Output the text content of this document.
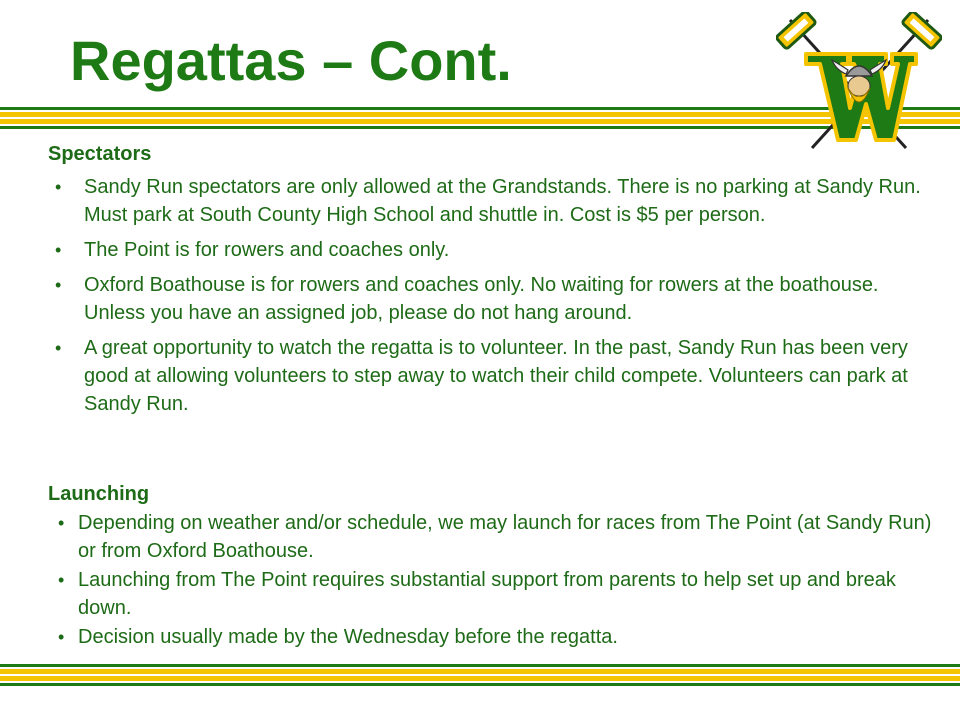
Regattas – Cont.
Spectators
• Sandy Run spectators are only allowed at the Grandstands. There is no parking at Sandy Run. Must park at South County High School and shuttle in. Cost is $5 per person.
• The Point is for rowers and coaches only.
• Oxford Boathouse is for rowers and coaches only. No waiting for rowers at the boathouse. Unless you have an assigned job, please do not hang around.
• A great opportunity to watch the regatta is to volunteer. In the past, Sandy Run has been very good at allowing volunteers to step away to watch their child compete. Volunteers can park at Sandy Run.
Launching
• Depending on weather and/or schedule, we may launch for races from The Point (at Sandy Run) or from Oxford Boathouse.
• Launching from The Point requires substantial support from parents to help set up and break down.
• Decision usually made by the Wednesday before the regatta.
